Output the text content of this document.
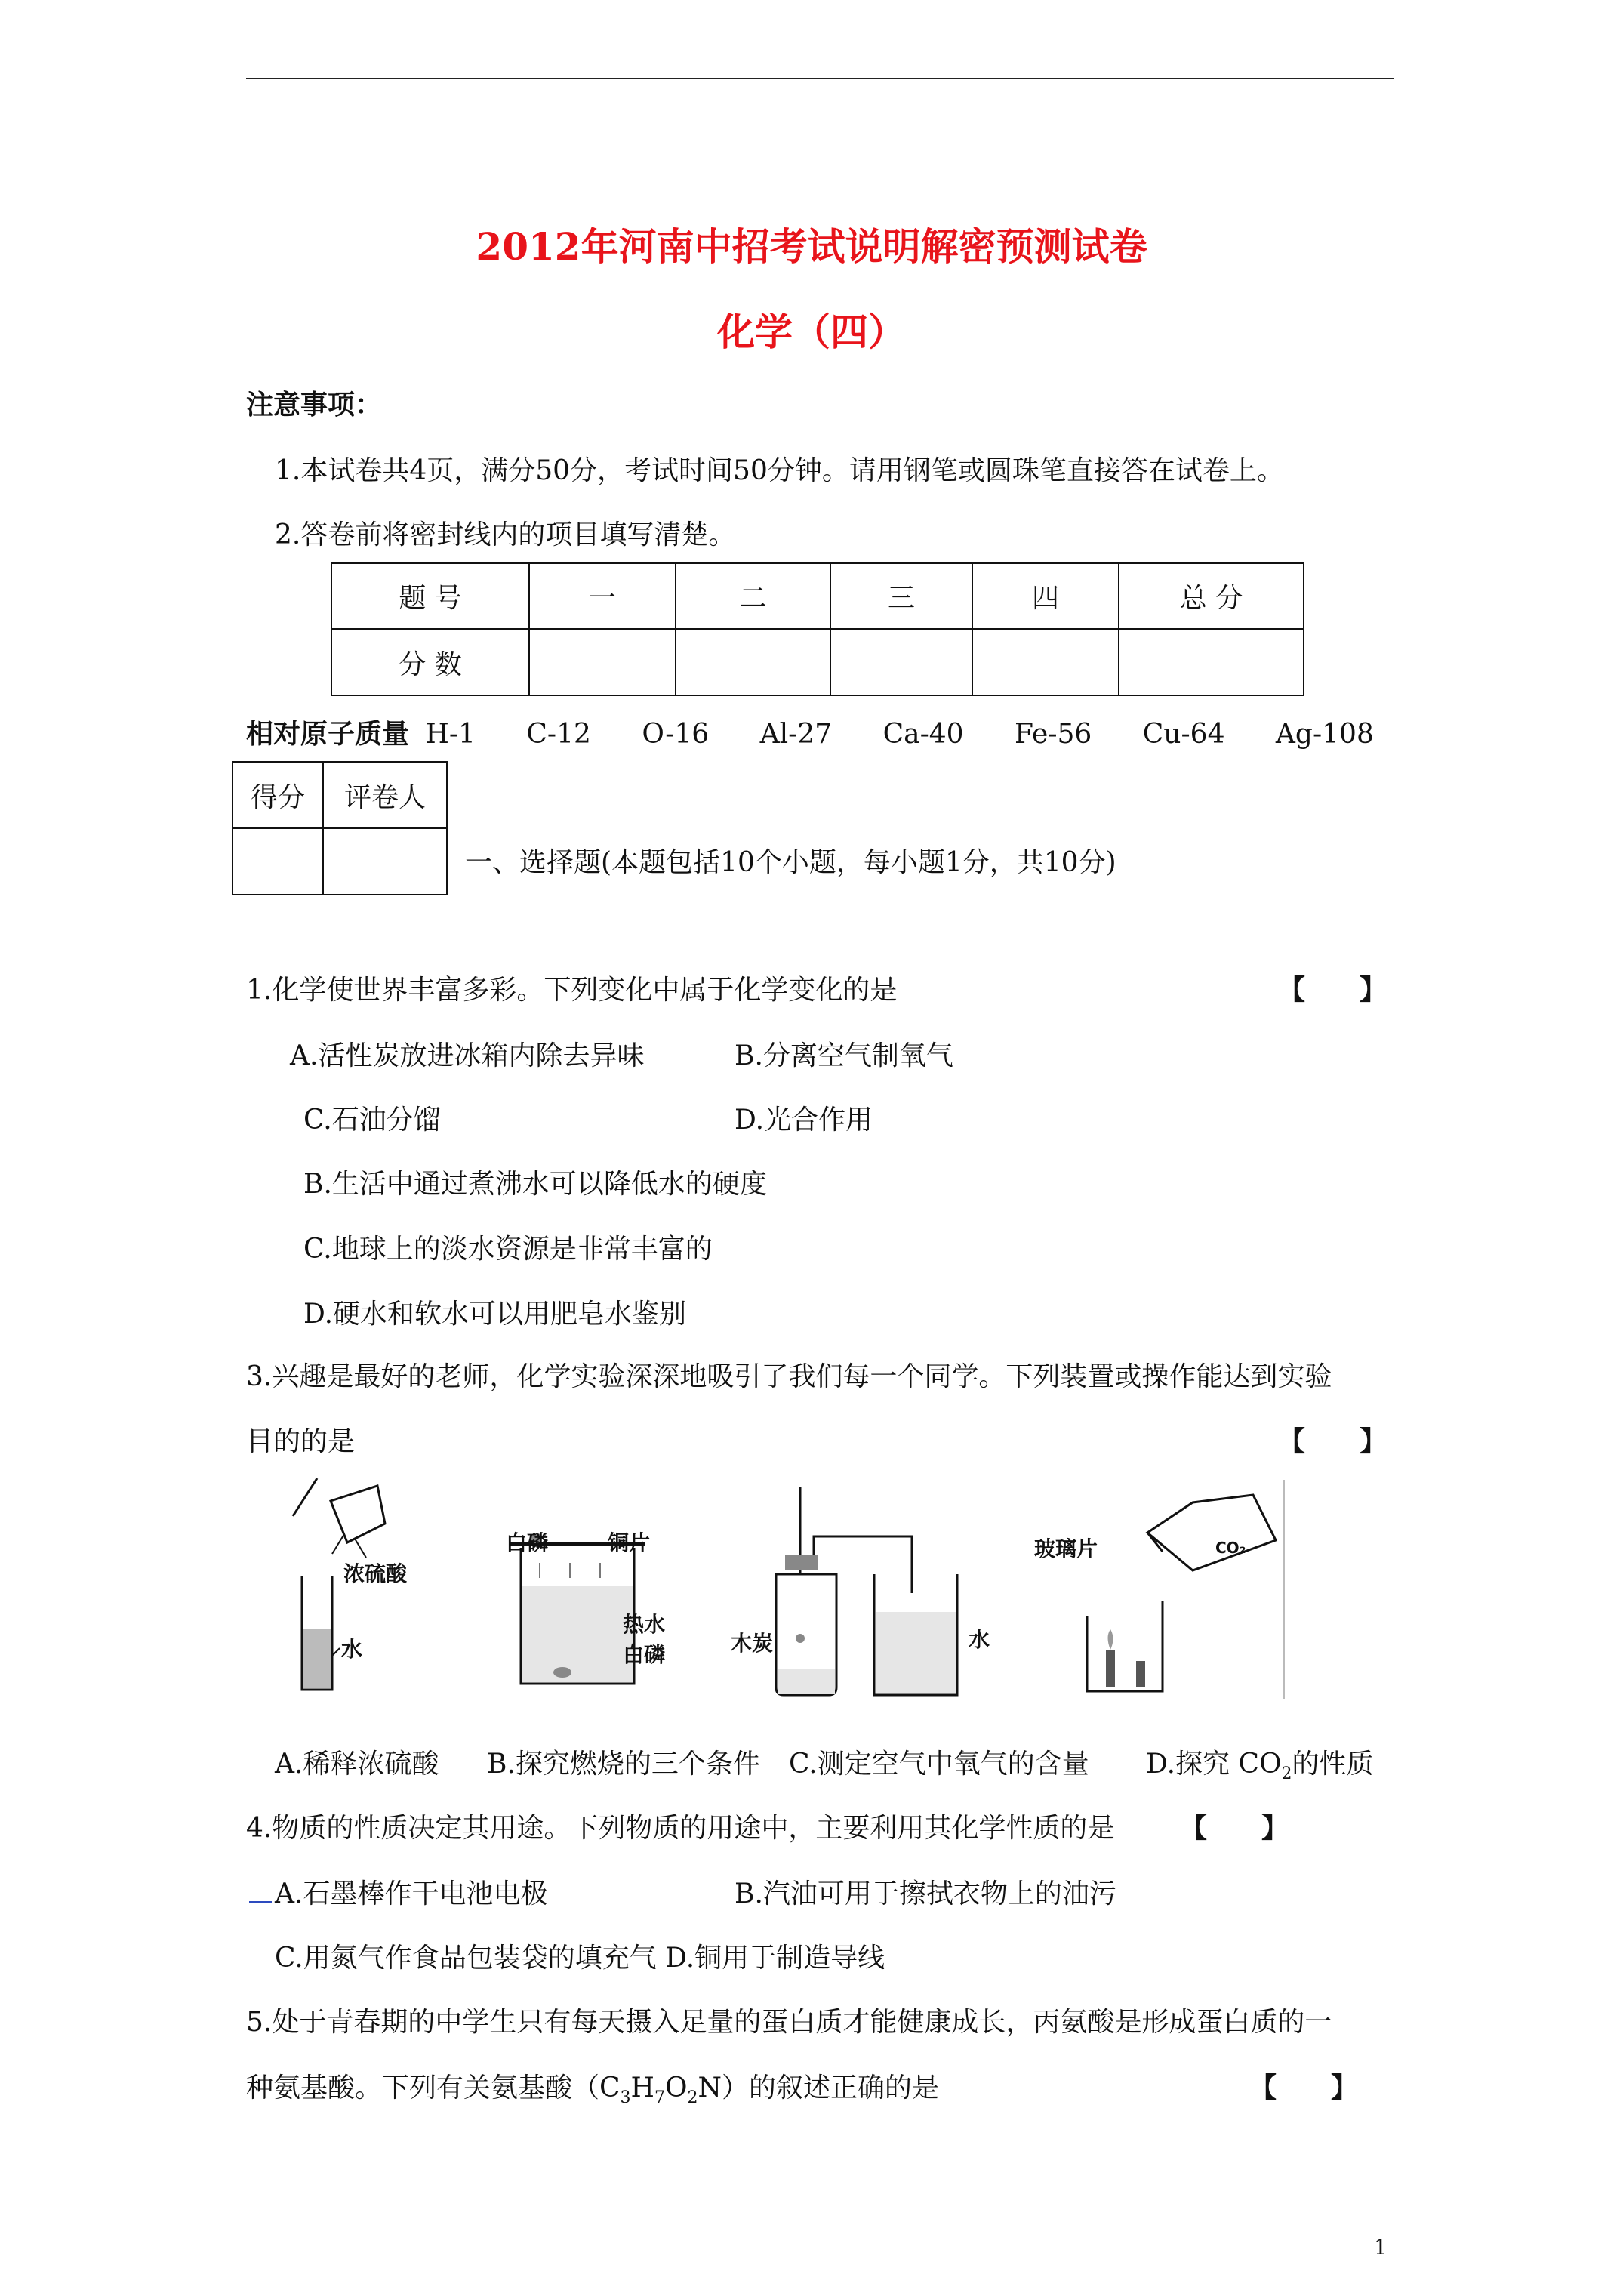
2012年河南中招考试说明解密预测试卷
化学（四）
注意事项：
1.本试卷共4页，满分50分，考试时间50分钟。请用钢笔或圆珠笔直接答在试卷上。
2.答卷前将密封线内的项目填写清楚。
题 号	一	二	三	四	总 分
分 数					
相对原子质量 H-1 C-12 O-16 Al-27 Ca-40 Fe-56 Cu-64 Ag-108
得分	评卷人

一、选择题(本题包括10个小题，每小题1分，共10分)
1.化学使世界丰富多彩。下列变化中属于化学变化的是	【　　】
A.活性炭放进冰箱内除去异味	B.分离空气制氧气
C.石油分馏	D.光合作用
B.生活中通过煮沸水可以降低水的硬度
C.地球上的淡水资源是非常丰富的
D.硬水和软水可以用肥皂水鉴别
3.兴趣是最好的老师，化学实验深深地吸引了我们每一个同学。下列装置或操作能达到实验
目的的是	【　　】
浓硫酸
水
白磷	铜片
热水
白磷	木炭	水
玻璃片	CO₂
A.稀释浓硫酸 B.探究燃烧的三个条件 C.测定空气中氧气的含量 D.探究 $CO_2$的性质
4.物质的性质决定其用途。下列物质的用途中，主要利用其化学性质的是 【　　】
A.石墨棒作干电池电极	B.汽油可用于擦拭衣物上的油污
C.用氮气作食品包装袋的填充气 D.铜用于制造导线
5.处于青春期的中学生只有每天摄入足量的蛋白质才能健康成长，丙氨酸是形成蛋白质的一
种氨基酸。下列有关氨基酸$(C_3H_7O_2N)$的叙述正确的是	【　　】
1
